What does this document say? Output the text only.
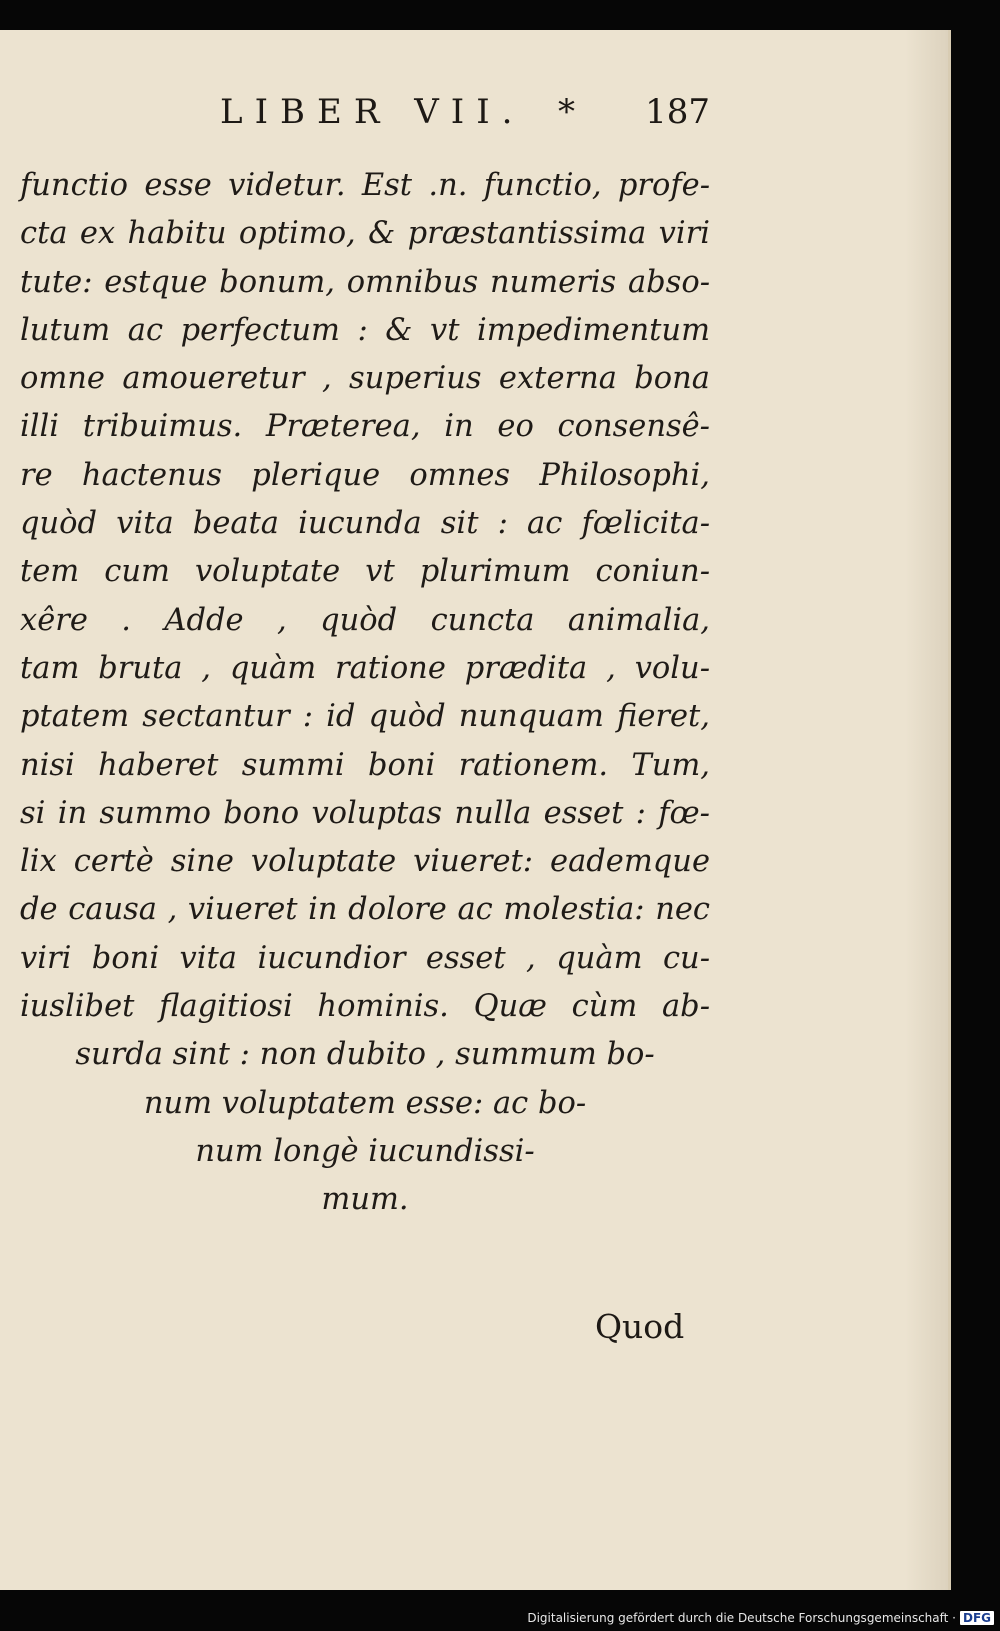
LIBER VII. * 187
functio esse videtur. Est .n. functio, profe-
cta ex habitu optimo, & præstantissima viri
tute: estque bonum, omnibus numeris abso-
lutum ac perfectum : & vt impedimentum
omne amoueretur , superius externa bona
illi tribuimus. Præterea, in eo consensê-
re hactenus plerique omnes Philosophi,
quòd vita beata iucunda sit : ac fœlicita-
tem cum voluptate vt plurimum coniun-
xêre . Adde , quòd cuncta animalia,
tam bruta , quàm ratione prædita , volu-
ptatem sectantur : id quòd nunquam fieret,
nisi haberet summi boni rationem. Tum,
si in summo bono voluptas nulla esset : fœ-
lix certè sine voluptate viueret: eademque
de causa , viueret in dolore ac molestia: nec
viri boni vita iucundior esset , quàm cu-
iuslibet flagitiosi hominis. Quæ cùm ab-
surda sint : non dubito , summum bo-
num voluptatem esse: ac bo-
num longè iucundissi-
mum.
Quod
Digitalisierung gefördert durch die Deutsche Forschungsgemeinschaft · DFG
